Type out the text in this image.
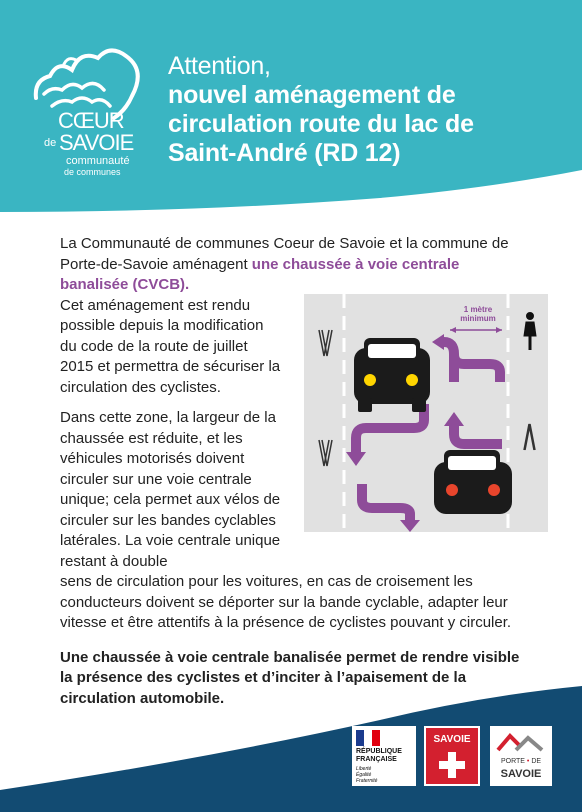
CŒUR
de SAVOIE
communauté
de communes
Attention,
nouvel aménagement de
circulation route du lac de
Saint-André (RD 12)

La Communauté de communes Coeur de Savoie et la commune de Porte-de-Savoie aménagent une chaussée à voie centrale banalisée (CVCB).

Cet aménagement est rendu possible depuis la modification du code de la route de juillet 2015 et permettra de sécuriser la circulation des cyclistes.

Dans cette zone, la largeur de la chaussée est réduite, et les véhicules motorisés doivent circuler sur une voie centrale unique; cela permet aux vélos de circuler sur les bandes cyclables latérales. La voie centrale unique restant à double

sens de circulation pour les voitures, en cas de croisement les conducteurs doivent se déporter sur la bande cyclable, adapter leur vitesse et être attentifs à la présence de cyclistes pouvant y circuler.

Une chaussée à voie centrale banalisée permet de rendre visible la présence des cyclistes et d’inciter à l’apaisement de la circulation automobile.

1 mètre
minimum
RÉPUBLIQUE
FRANÇAISE
Liberté
Égalité
Fraternité
SAVOIE
PORTE • DE
SAVOIE
